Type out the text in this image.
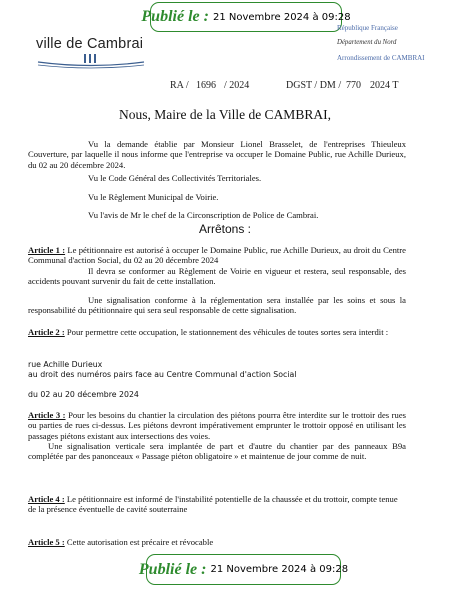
Publié le : 21 Novembre 2024 à 09:28
ville de Cambrai
République Française
Département du Nord
Arrondissement de CAMBRAI
RA / 1696 / 2024	DGST / DM / 770 2024 T
Nous, Maire de la Ville de CAMBRAI,
Vu la demande établie par Monsieur Lionel Brasselet, de l'entreprises Thieuleux Couverture, par laquelle il nous informe que l'entreprise va occuper le Domaine Public, rue Achille Durieux, du 02 au 20 décembre 2024.
Vu le Code Général des Collectivités Territoriales.
Vu le Règlement Municipal de Voirie.
Vu l'avis de Mr le chef de la Circonscription de Police de Cambrai.
Arrêtons :
Article 1 : Le pétitionnaire est autorisé à occuper le Domaine Public, rue Achille Durieux, au droit du Centre Communal d'action Social, du 02 au 20 décembre 2024
Il devra se conformer au Règlement de Voirie en vigueur et restera, seul responsable, des accidents pouvant survenir du fait de cette installation.
Une signalisation conforme à la réglementation sera installée par les soins et sous la responsabilité du pétitionnaire qui sera seul responsable de cette signalisation.
Article 2 : Pour permettre cette occupation, le stationnement des véhicules de toutes sortes sera interdit :
rue Achille Durieux
au droit des numéros pairs face au Centre Communal d'action Social
du 02 au 20 décembre 2024
Article 3 : Pour les besoins du chantier la circulation des piétons pourra être interdite sur le trottoir des rues ou parties de rues ci-dessus. Les piétons devront impérativement emprunter le trottoir opposé en utilisant les passages piétons existant aux intersections des voies.
Une signalisation verticale sera implantée de part et d'autre du chantier par des panneaux B9a complétée par des panonceaux « Passage piéton obligatoire » et maintenue de jour comme de nuit.
Article 4 : Le pétitionnaire est informé de l'instabilité potentielle de la chaussée et du trottoir, compte tenue de la présence éventuelle de cavité souterraine
Article 5 : Cette autorisation est précaire et révocable
Publié le : 21 Novembre 2024 à 09:28
